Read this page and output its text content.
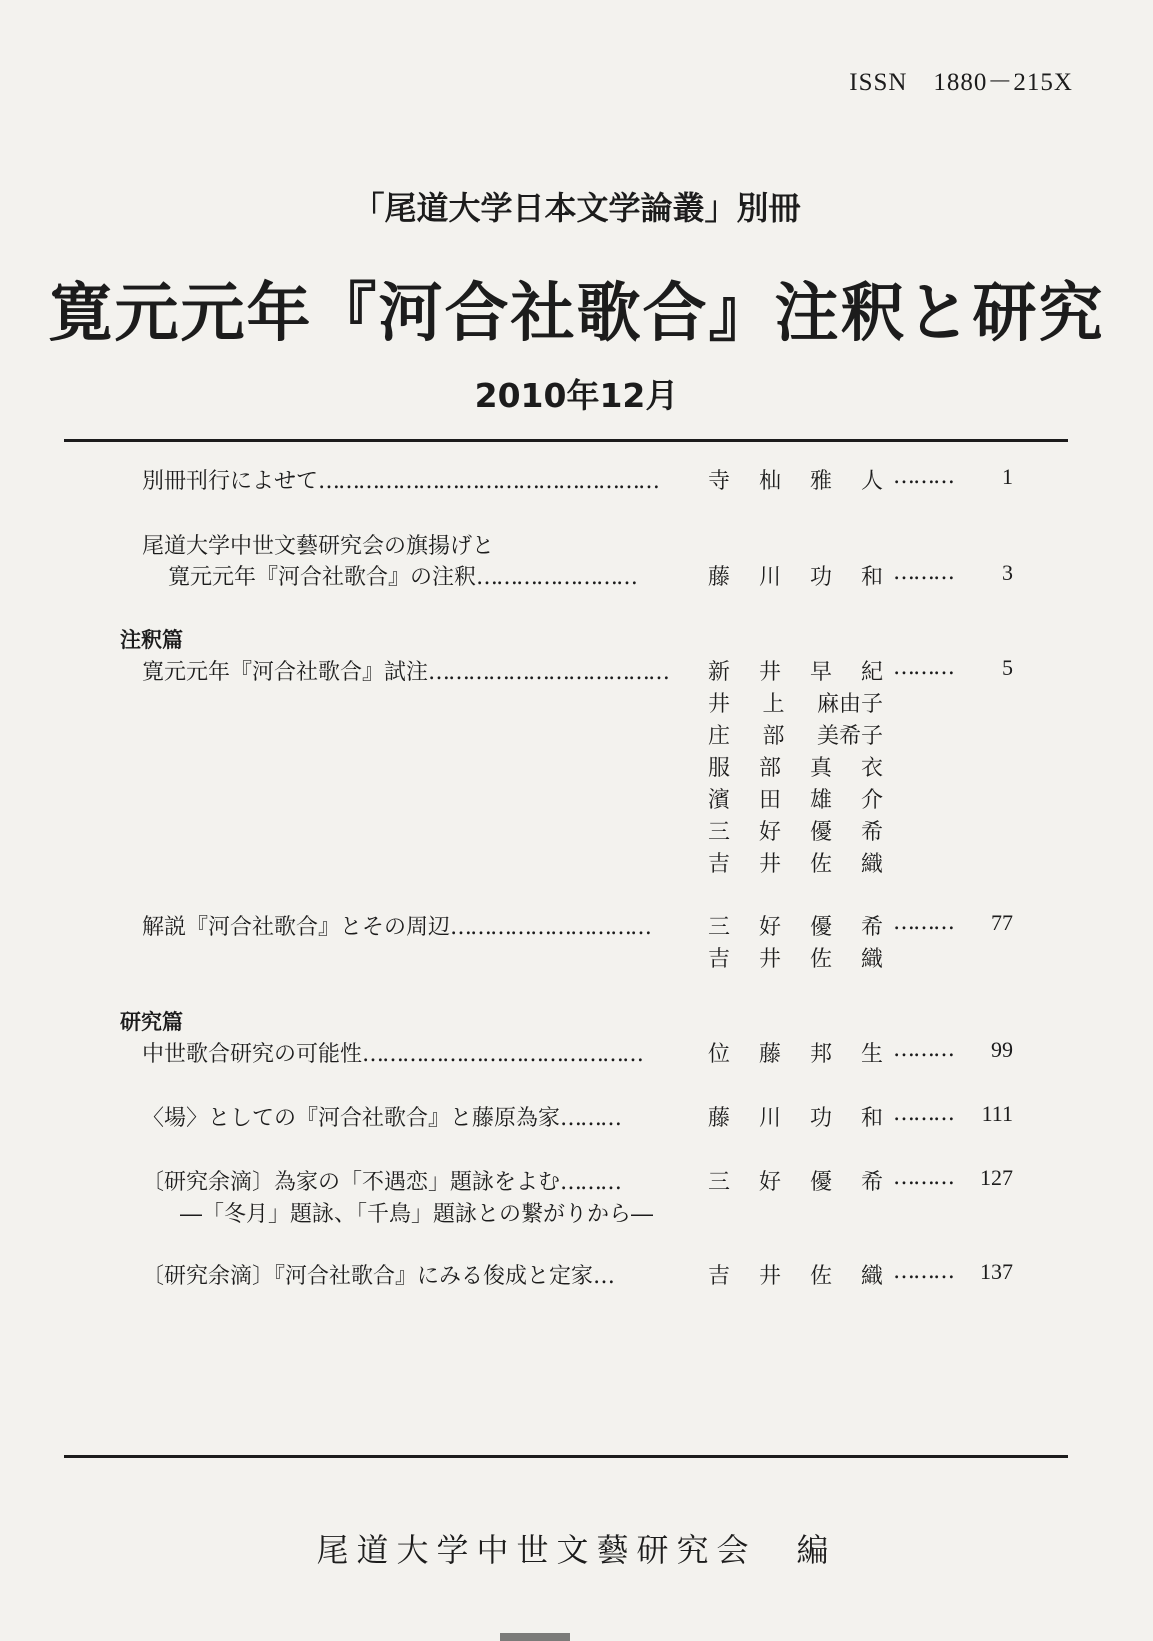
ISSN　1880－215X
「尾道大学日本文学論叢」別冊
寛元元年『河合社歌合』注釈と研究
2010年12月
別冊刊行によせて…………………………………………… 寺 杣 雅 人 ……… 1
尾道大学中世文藝研究会の旗揚げと
寛元元年『河合社歌合』の注釈……………………	藤 川 功 和 ……… 3
注釈篇
寛元元年『河合社歌合』試注……………………………… 新 井 早 紀 ……… 5
井 上 麻由子
庄 部 美希子
服 部 真 衣
濱 田 雄 介
三 好 優 希
吉 井 佐 織
解説『河合社歌合』とその周辺…………………………	三 好 優 希 ……… 77
吉 井 佐 織
研究篇
中世歌合研究の可能性……………………………………	位 藤 邦 生 ……… 99
〈場〉としての『河合社歌合』と藤原為家………	藤 川 功 和 ……… 111
〔研究余滴〕為家の「不遇恋」題詠をよむ………
―「冬月」題詠、「千鳥」題詠との繋がりから―
三 好 優 希 ……… 127
〔研究余滴〕『河合社歌合』にみる俊成と定家…	吉 井 佐 織 ……… 137
尾道大学中世文藝研究会　編
